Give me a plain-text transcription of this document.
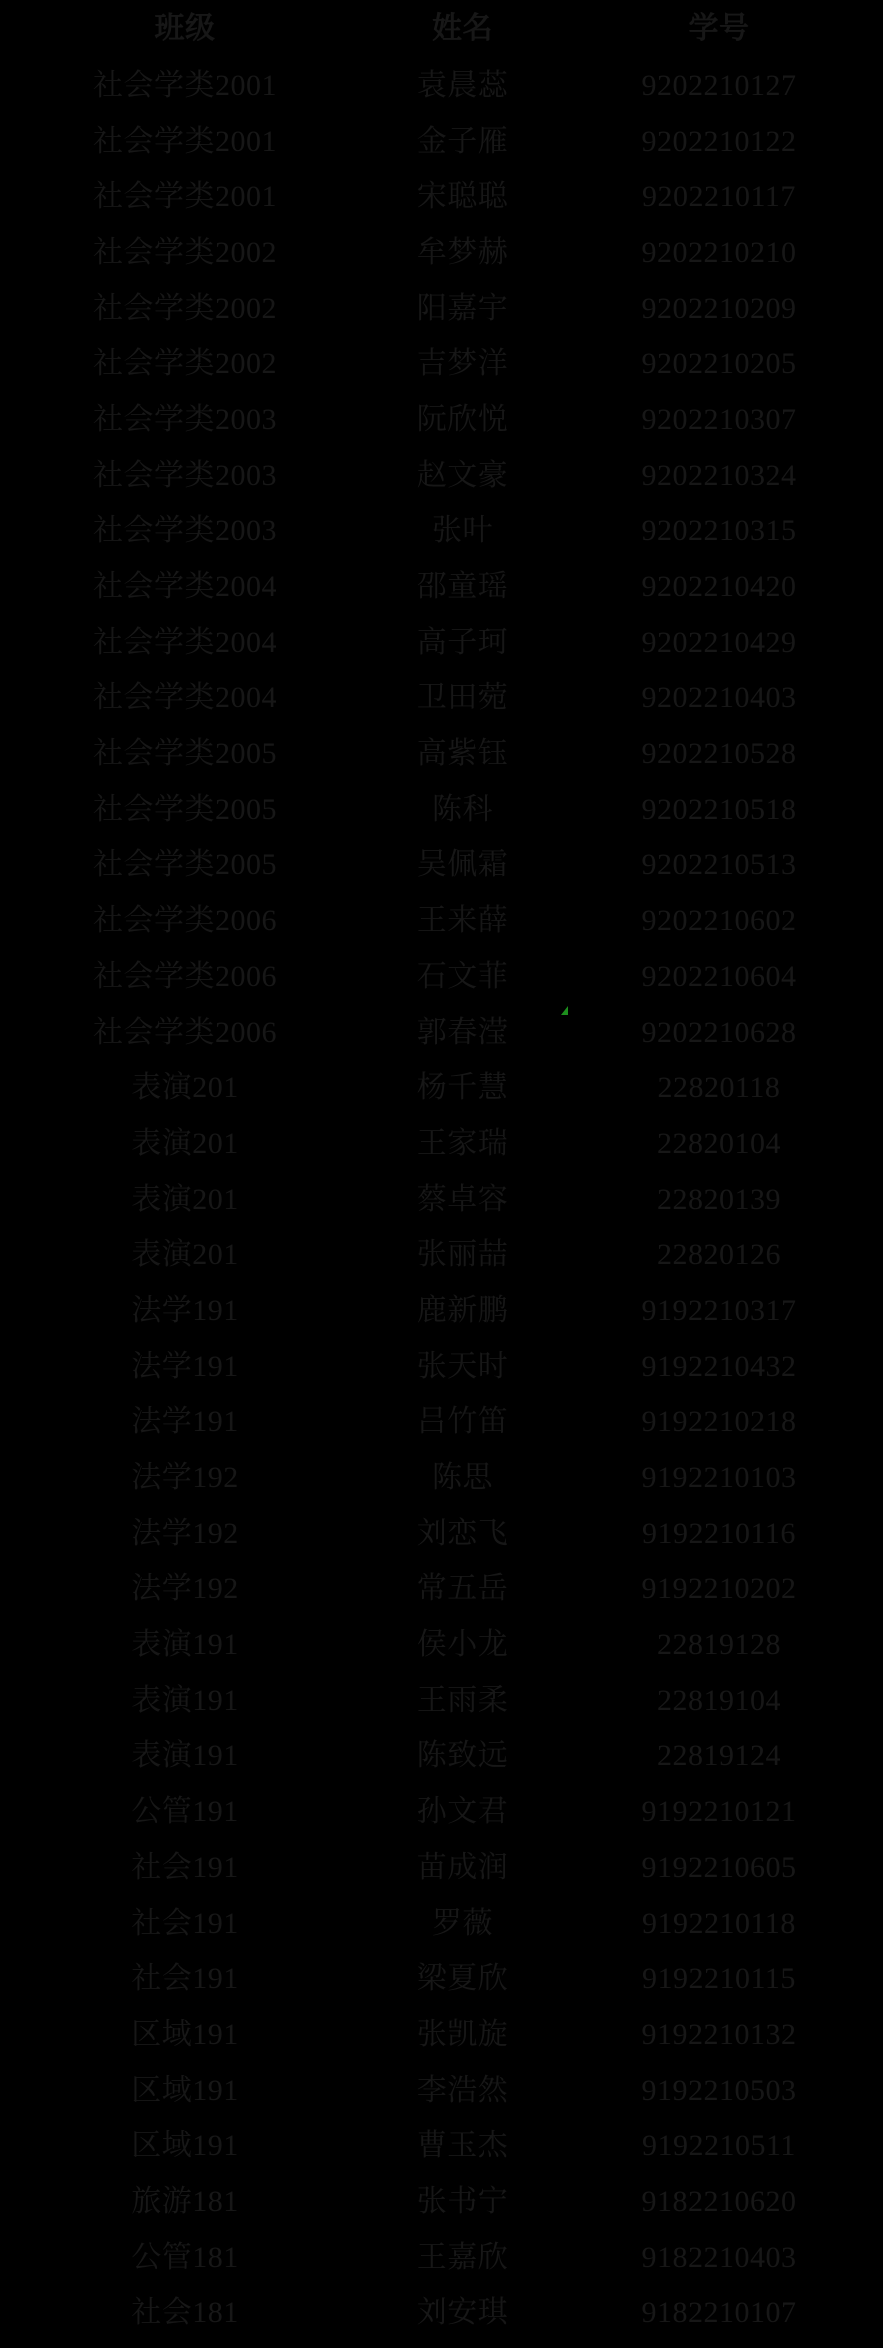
班级	姓名	学号
社会学类2001	袁晨蕊	9202210127
社会学类2001	金子雁	9202210122
社会学类2001	宋聪聪	9202210117
社会学类2002	牟梦赫	9202210210
社会学类2002	阳嘉宇	9202210209
社会学类2002	吉梦洋	9202210205
社会学类2003	阮欣悦	9202210307
社会学类2003	赵文豪	9202210324
社会学类2003	张叶	9202210315
社会学类2004	邵童瑶	9202210420
社会学类2004	高子珂	9202210429
社会学类2004	卫田菀	9202210403
社会学类2005	高紫钰	9202210528
社会学类2005	陈科	9202210518
社会学类2005	吴佩霜	9202210513
社会学类2006	王来薛	9202210602
社会学类2006	石文菲	9202210604
社会学类2006	郭春滢	9202210628
表演201	杨千慧	22820118
表演201	王家瑞	22820104
表演201	蔡卓容	22820139
表演201	张丽喆	22820126
法学191	鹿新鹏	9192210317
法学191	张天时	9192210432
法学191	吕竹笛	9192210218
法学192	陈思	9192210103
法学192	刘恋飞	9192210116
法学192	常五岳	9192210202
表演191	侯小龙	22819128
表演191	王雨柔	22819104
表演191	陈致远	22819124
公管191	孙文君	9192210121
社会191	苗成润	9192210605
社会191	罗薇	9192210118
社会191	梁夏欣	9192210115
区域191	张凯旋	9192210132
区域191	李浩然	9192210503
区域191	曹玉杰	9192210511
旅游181	张书宁	9182210620
公管181	王嘉欣	9182210403
社会181	刘安琪	9182210107
